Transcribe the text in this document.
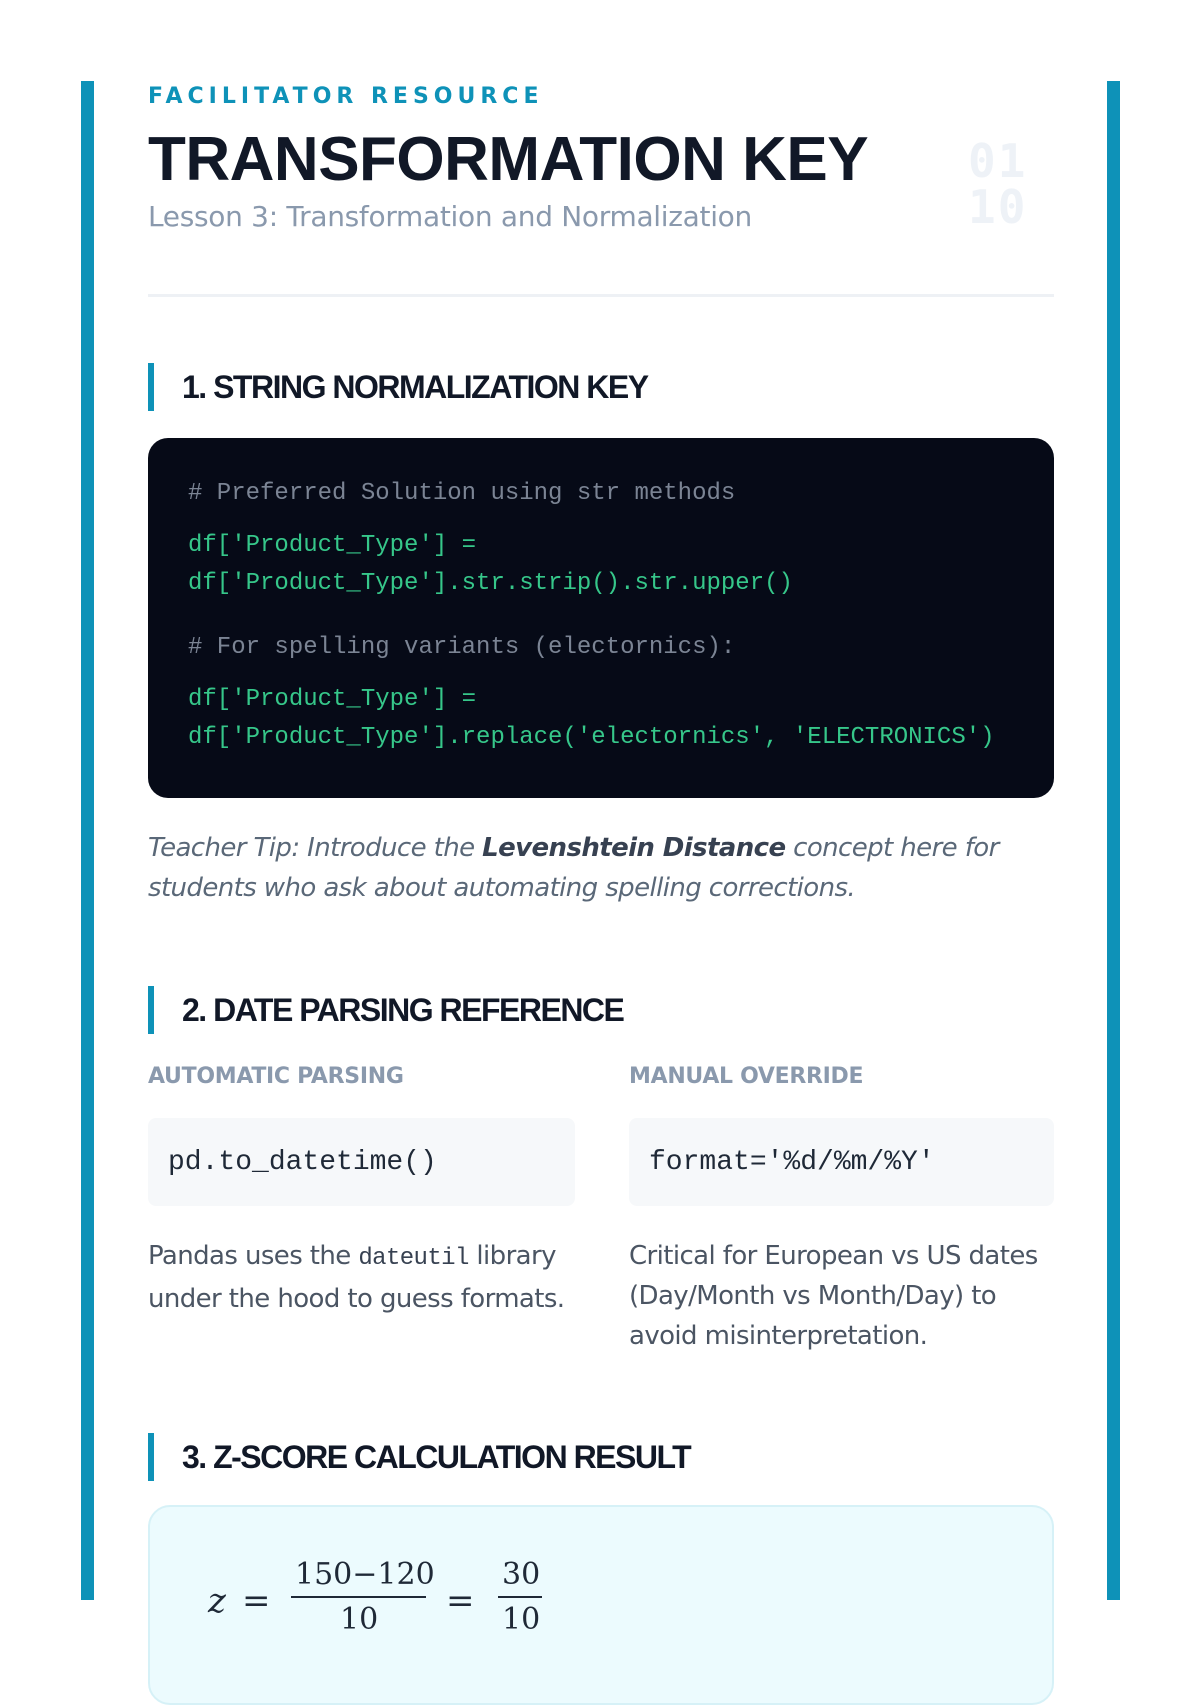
FACILITATOR RESOURCE
TRANSFORMATION KEY
Lesson 3: Transformation and Normalization
01
10
1. STRING NORMALIZATION KEY
# Preferred Solution using str methods
df['Product_Type'] =
df['Product_Type'].str.strip().str.upper()
# For spelling variants (electornics):
df['Product_Type'] =
df['Product_Type'].replace('electornics', 'ELECTRONICS')
Teacher Tip: Introduce the Levenshtein Distance concept here for students who ask about automating spelling corrections.
2. DATE PARSING REFERENCE
AUTOMATIC PARSING
pd.to_datetime()
Pandas uses the dateutil library under the hood to guess formats.
MANUAL OVERRIDE
format='%d/%m/%Y'
Critical for European vs US dates (Day/Month vs Month/Day) to avoid misinterpretation.
3. Z-SCORE CALCULATION RESULT
z =
150−120
10 =
30
10
